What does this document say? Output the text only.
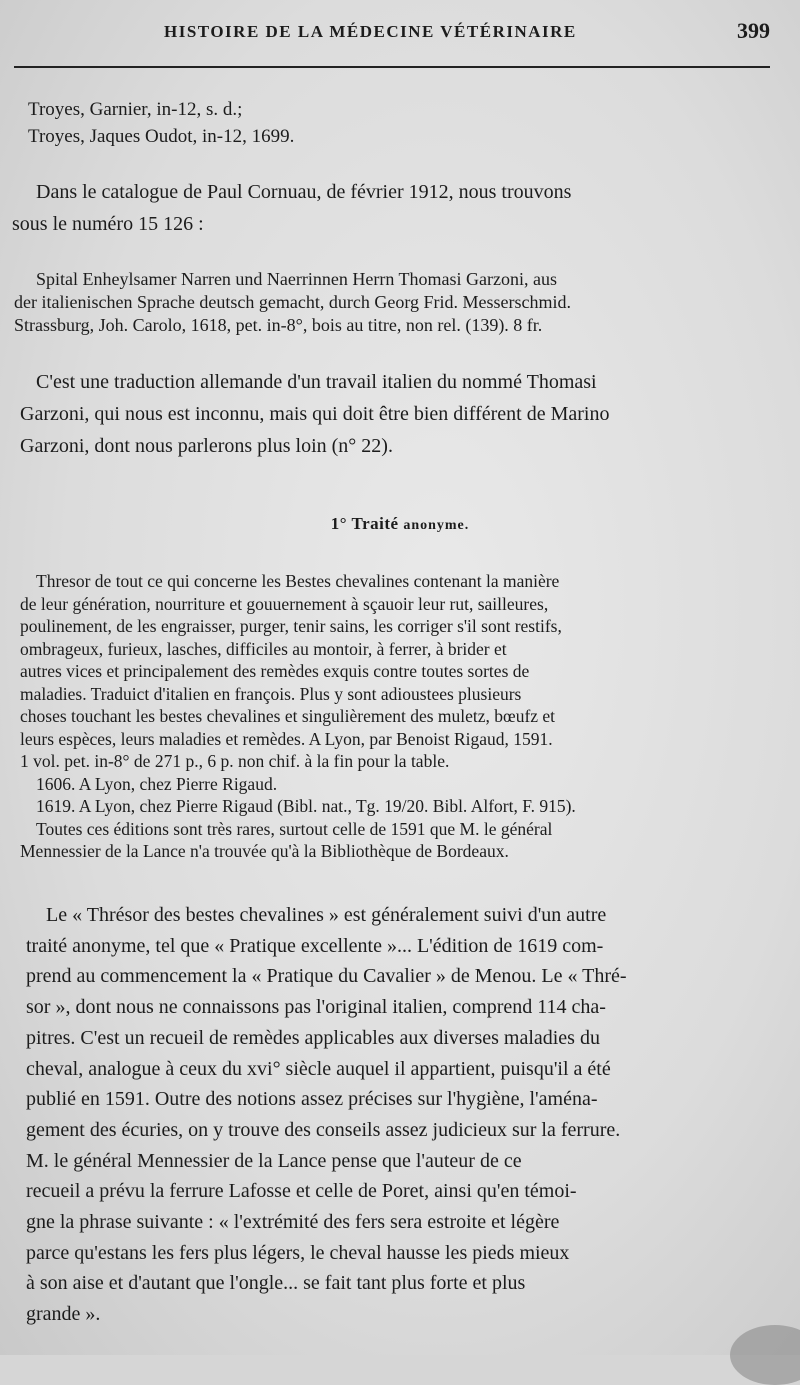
HISTOIRE DE LA MÉDECINE VÉTÉRINAIRE	399
Troyes, Garnier, in-12, s. d.;
Troyes, Jaques Oudot, in-12, 1699.
Dans le catalogue de Paul Cornuau, de février 1912, nous trouvons
sous le numéro 15 126 :
Spital Enheylsamer Narren und Naerrinnen Herrn Thomasi Garzoni, aus
der italienischen Sprache deutsch gemacht, durch Georg Frid. Messerschmid.
Strassburg, Joh. Carolo, 1618, pet. in-8°, bois au titre, non rel. (139). 8 fr.
C'est une traduction allemande d'un travail italien du nommé Thomasi
Garzoni, qui nous est inconnu, mais qui doit être bien différent de Marino
Garzoni, dont nous parlerons plus loin (n° 22).
1° Traité anonyme.
Thresor de tout ce qui concerne les Bestes chevalines contenant la manière
de leur génération, nourriture et gouuernement à sçauoir leur rut, sailleures,
poulinement, de les engraisser, purger, tenir sains, les corriger s'il sont restifs,
ombrageux, furieux, lasches, difficiles au montoir, à ferrer, à brider et
autres vices et principalement des remèdes exquis contre toutes sortes de
maladies. Traduict d'italien en françois. Plus y sont adioustees plusieurs
choses touchant les bestes chevalines et singulièrement des muletz, bœufz et
leurs espèces, leurs maladies et remèdes. A Lyon, par Benoist Rigaud, 1591.
1 vol. pet. in-8° de 271 p., 6 p. non chif. à la fin pour la table.
1606. A Lyon, chez Pierre Rigaud.
1619. A Lyon, chez Pierre Rigaud (Bibl. nat., Tg. 19/20. Bibl. Alfort, F. 915).
Toutes ces éditions sont très rares, surtout celle de 1591 que M. le général
Mennessier de la Lance n'a trouvée qu'à la Bibliothèque de Bordeaux.
Le « Thrésor des bestes chevalines » est généralement suivi d'un autre
traité anonyme, tel que « Pratique excellente »... L'édition de 1619 com-
prend au commencement la « Pratique du Cavalier » de Menou. Le « Thré-
sor », dont nous ne connaissons pas l'original italien, comprend 114 cha-
pitres. C'est un recueil de remèdes applicables aux diverses maladies du
cheval, analogue à ceux du xvi° siècle auquel il appartient, puisqu'il a été
publié en 1591. Outre des notions assez précises sur l'hygiène, l'aména-
gement des écuries, on y trouve des conseils assez judicieux sur la ferrure.
M. le général Mennessier de la Lance pense que l'auteur de ce
recueil a prévu la ferrure Lafosse et celle de Poret, ainsi qu'en témoi-
gne la phrase suivante : « l'extrémité des fers sera estroite et légère
parce qu'estans les fers plus légers, le cheval hausse les pieds mieux
à son aise et d'autant que l'ongle... se fait tant plus forte et plus
grande ».
